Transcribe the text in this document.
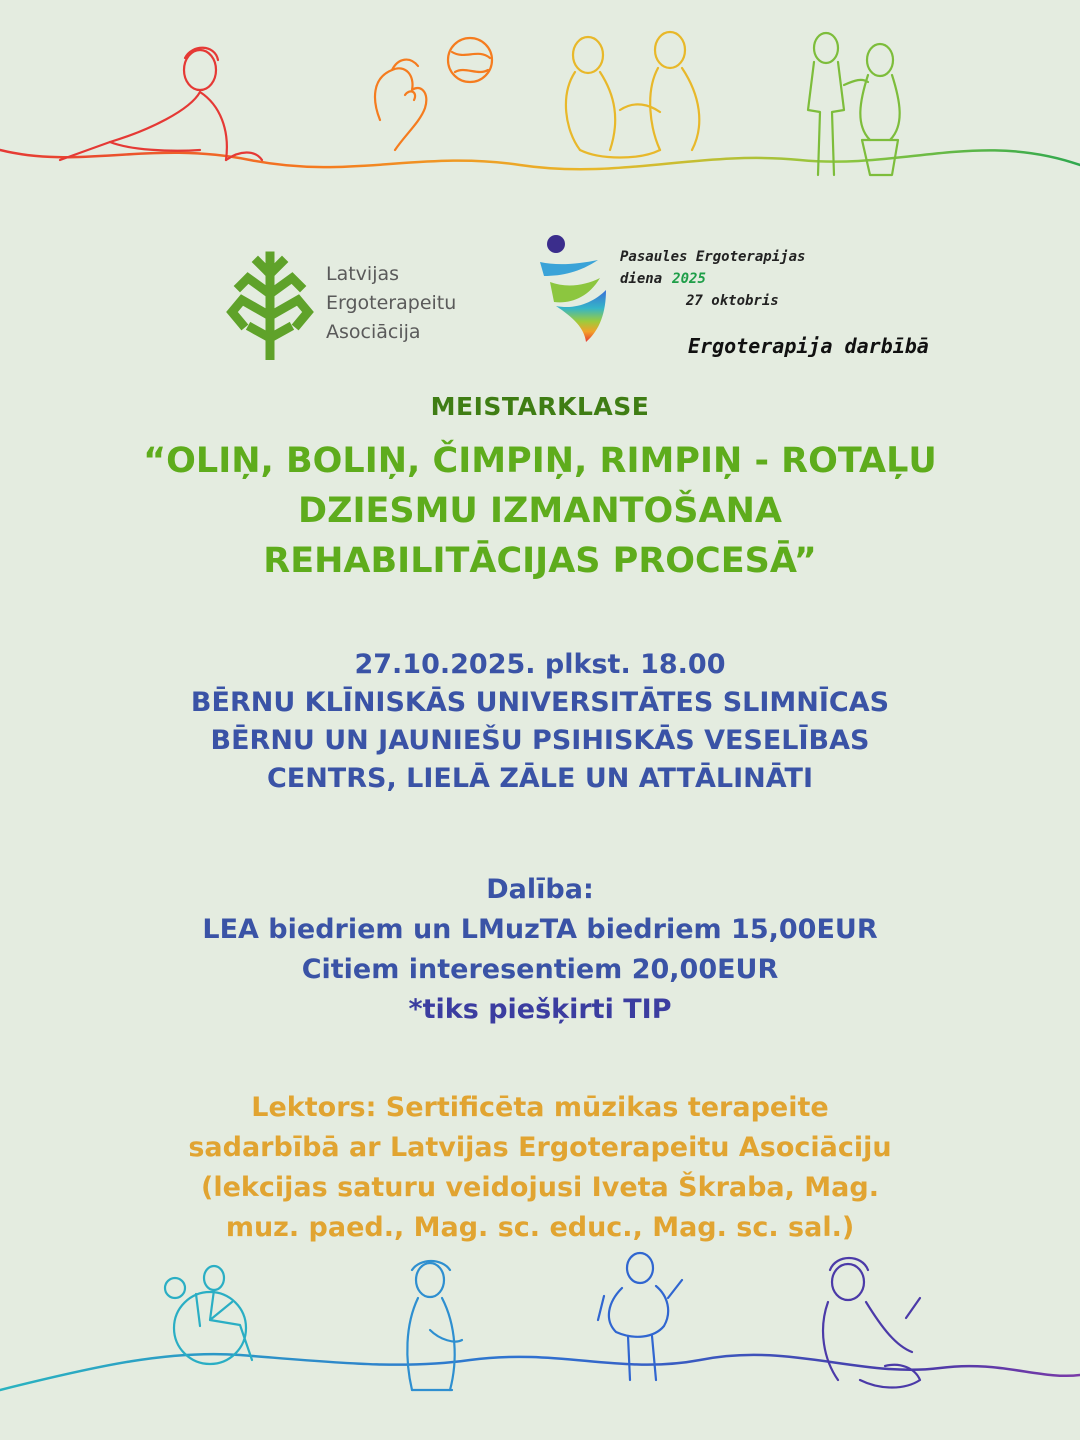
Latvijas
Ergoterapeitu
Asociācija
Pasaules Ergoterapijas
diena 2025
27 oktobris
Ergoterapija darbībā
MEISTARKLASE
“OLIŅ, BOLIŅ, ČIMPIŅ, RIMPIŅ - ROTAĻU
DZIESMU IZMANTOŠANA
REHABILITĀCIJAS PROCESĀ”
27.10.2025. plkst. 18.00
BĒRNU KLĪNISKĀS UNIVERSITĀTES SLIMNĪCAS
BĒRNU UN JAUNIEŠU PSIHISKĀS VESELĪBAS
CENTRS, LIELĀ ZĀLE UN ATTĀLINĀTI
Dalība:
LEA biedriem un LMuzTA biedriem 15,00EUR
Citiem interesentiem 20,00EUR
*tiks piešķirti TIP
Lektors: Sertificēta mūzikas terapeite
sadarbībā ar Latvijas Ergoterapeitu Asociāciju
(lekcijas saturu veidojusi Iveta Škraba, Mag.
muz. paed., Mag. sc. educ., Mag. sc. sal.)
